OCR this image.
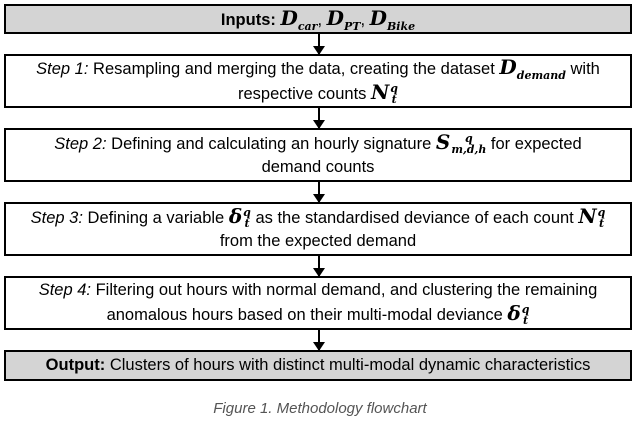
Inputs: $D_{car}$, $D_{PT}$, $D_{Bike}$
Step 1: Resampling and merging the data, creating the dataset $D_{demand}$ with
respective counts N q
t
Step 2: Defining and calculating an hourly signature S	q
m,d,h for expected
demand counts
Step 3: Defining a variable δ q
t as the standardised deviance of each count N q
t
from the expected demand
Step 4: Filtering out hours with normal demand, and clustering the remaining
anomalous hours based on their multi-modal deviance δ q
t
Output: Clusters of hours with distinct multi-modal dynamic characteristics
Figure 1. Methodology flowchart
